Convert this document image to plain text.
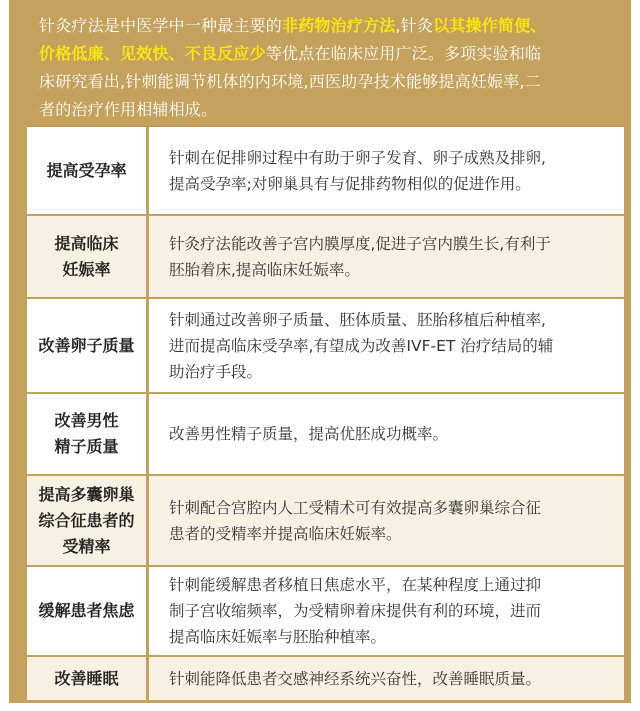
针灸疗法是中医学中一种最主要的非药物治疗方法,针灸以其操作简便、
价格低廉、见效快、不良反应少等优点在临床应用广泛。多项实验和临
床研究看出,针刺能调节机体的内环境,西医助孕技术能够提高妊娠率,二
者的治疗作用相辅相成。
提高受孕率
针刺在促排卵过程中有助于卵子发育、卵子成熟及排卵,
提高受孕率;对卵巢具有与促排药物相似的促进作用。
提高临床
妊娠率
针灸疗法能改善子宫内膜厚度,促进子宫内膜生长,有利于
胚胎着床,提高临床妊娠率。
改善卵子质量
针刺通过改善卵子质量、胚体质量、胚胎移植后种植率,
进而提高临床受孕率,有望成为改善IVF-ET 治疗结局的辅
助治疗手段。
改善男性
精子质量
改善男性精子质量，提高优胚成功概率。
提高多囊卵巢
综合征患者的
受精率
针刺配合宫腔内人工受精术可有效提高多囊卵巢综合征
患者的受精率并提高临床妊娠率。
缓解患者焦虑
针刺能缓解患者移植日焦虑水平，在某种程度上通过抑
制子宫收缩频率，为受精卵着床提供有利的环境，进而
提高临床妊娠率与胚胎种植率。
改善睡眠	针刺能降低患者交感神经系统兴奋性，改善睡眠质量。
